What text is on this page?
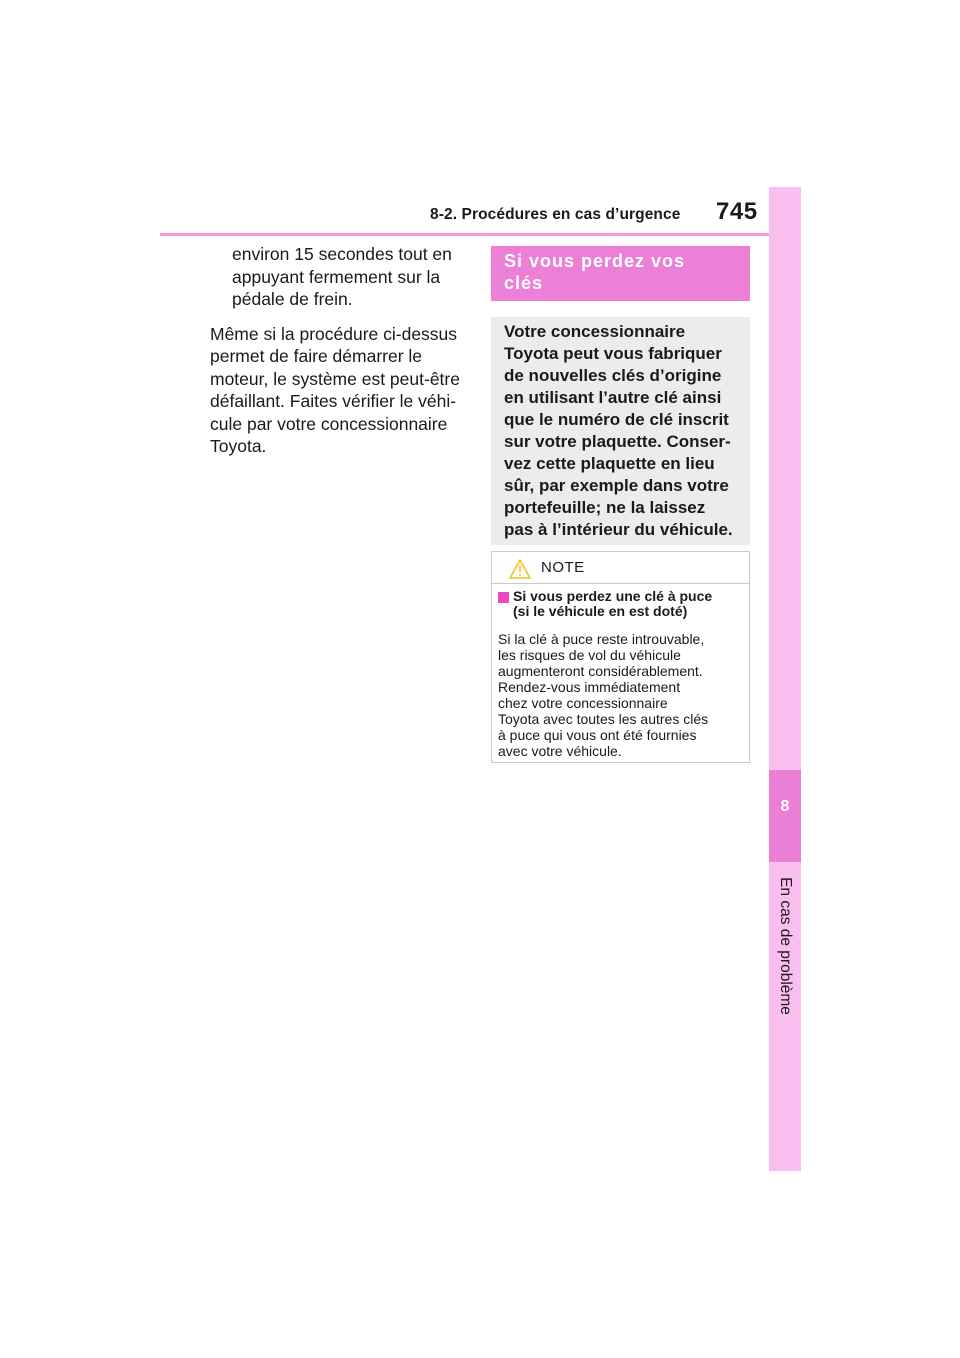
8-2. Procédures en cas d’urgence	745
8
En cas de problème
environ 15 secondes tout en
appuyant fermement sur la
pédale de frein.
Même si la procédure ci-dessus
permet de faire démarrer le
moteur, le système est peut-être
défaillant. Faites vérifier le véhi-
cule par votre concessionnaire
Toyota.
Si vous perdez vos
clés
Votre concessionnaire
Toyota peut vous fabriquer
de nouvelles clés d’origine
en utilisant l’autre clé ainsi
que le numéro de clé inscrit
sur votre plaquette. Conser-
vez cette plaquette en lieu
sûr, par exemple dans votre
portefeuille; ne la laissez
pas à l’intérieur du véhicule.
NOTE
Si vous perdez une clé à puce
(si le véhicule en est doté)
Si la clé à puce reste introuvable,
les risques de vol du véhicule
augmenteront considérablement.
Rendez-vous immédiatement
chez votre concessionnaire
Toyota avec toutes les autres clés
à puce qui vous ont été fournies
avec votre véhicule.
